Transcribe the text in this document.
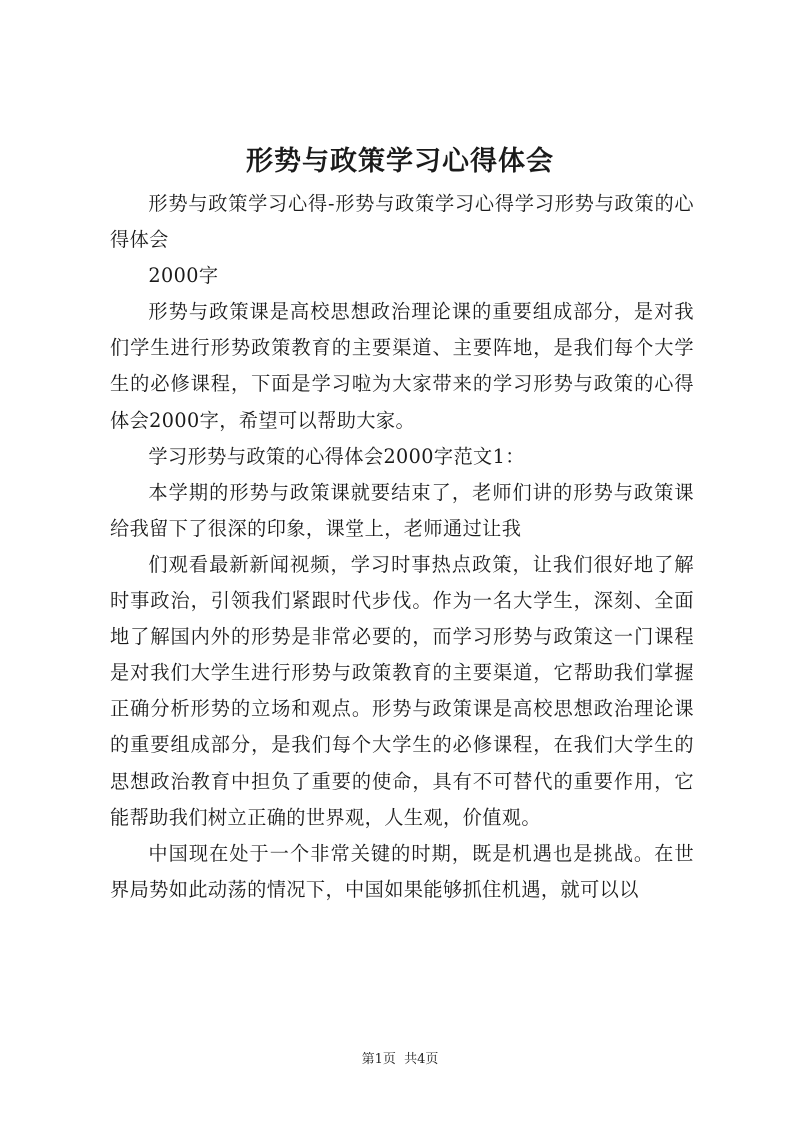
形势与政策学习心得体会

形势与政策学习心得-形势与政策学习心得学习形势与政策的心得体会

2000字

形势与政策课是高校思想政治理论课的重要组成部分，是对我们学生进行形势政策教育的主要渠道、主要阵地，是我们每个大学生的必修课程，下面是学习啦为大家带来的学习形势与政策的心得体会2000字，希望可以帮助大家。

学习形势与政策的心得体会2000字范文1：

本学期的形势与政策课就要结束了，老师们讲的形势与政策课给我留下了很深的印象，课堂上，老师通过让我

们观看最新新闻视频，学习时事热点政策，让我们很好地了解时事政治，引领我们紧跟时代步伐。作为一名大学生，深刻、全面地了解国内外的形势是非常必要的，而学习形势与政策这一门课程是对我们大学生进行形势与政策教育的主要渠道，它帮助我们掌握正确分析形势的立场和观点。形势与政策课是高校思想政治理论课的重要组成部分，是我们每个大学生的必修课程，在我们大学生的思想政治教育中担负了重要的使命，具有不可替代的重要作用，它能帮助我们树立正确的世界观，人生观，价值观。

中国现在处于一个非常关键的时期，既是机遇也是挑战。在世界局势如此动荡的情况下，中国如果能够抓住机遇，就可以以

第1页 共4页
